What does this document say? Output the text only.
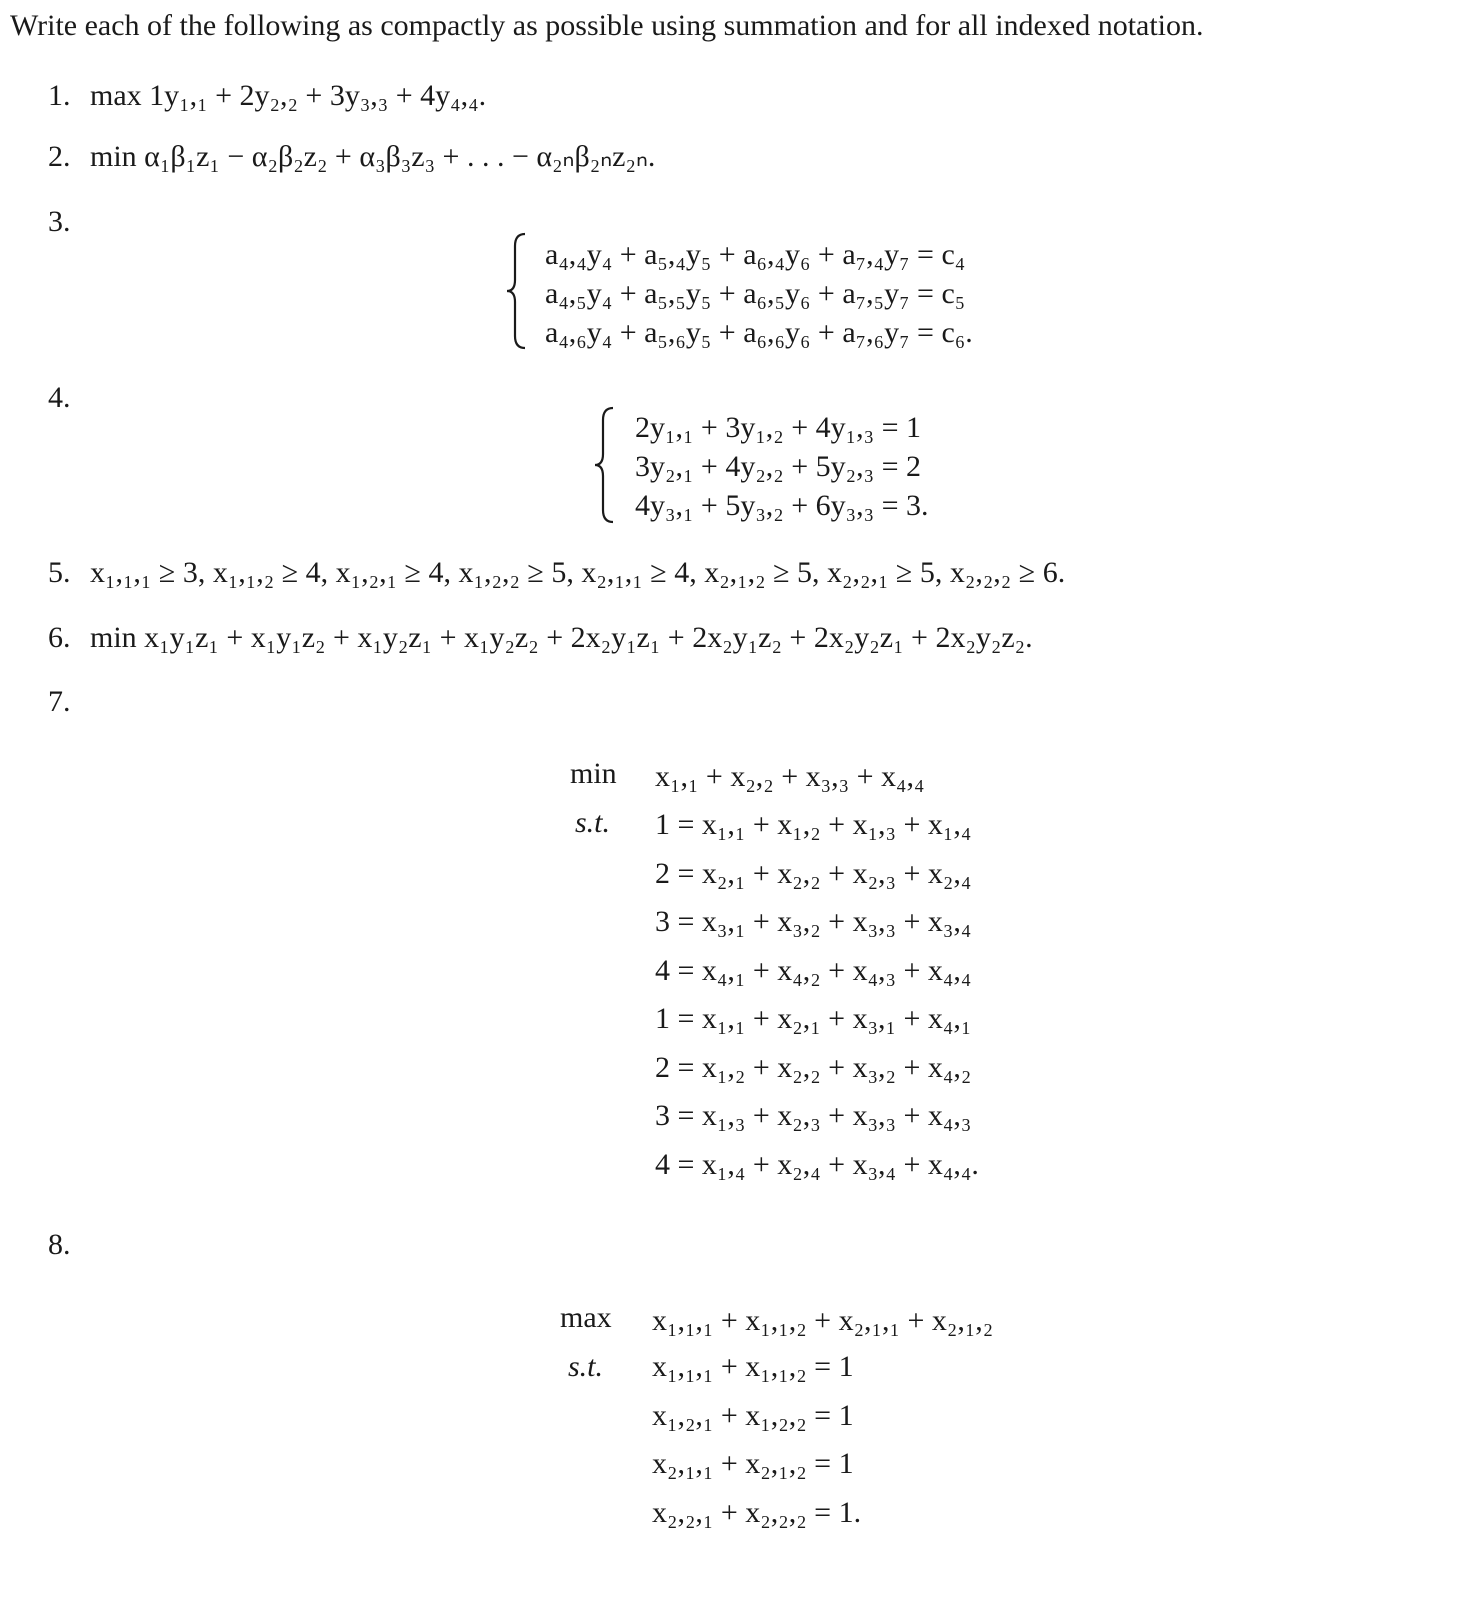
Write each of the following as compactly as possible using summation and for all indexed notation.
1. max 1y₁,₁ + 2y₂,₂ + 3y₃,₃ + 4y₄,₄.
2. min α₁β₁z₁ − α₂β₂z₂ + α₃β₃z₃ + . . . − α₂ₙβ₂ₙz₂ₙ.
3.
a₄,₄y₄ + a₅,₄y₅ + a₆,₄y₆ + a₇,₄y₇ = c₄
a₄,₅y₄ + a₅,₅y₅ + a₆,₅y₆ + a₇,₅y₇ = c₅
a₄,₆y₄ + a₅,₆y₅ + a₆,₆y₆ + a₇,₆y₇ = c₆.
4.
2y₁,₁ + 3y₁,₂ + 4y₁,₃ = 1
3y₂,₁ + 4y₂,₂ + 5y₂,₃ = 2
4y₃,₁ + 5y₃,₂ + 6y₃,₃ = 3.
5. x₁,₁,₁ ≥ 3, x₁,₁,₂ ≥ 4, x₁,₂,₁ ≥ 4, x₁,₂,₂ ≥ 5, x₂,₁,₁ ≥ 4, x₂,₁,₂ ≥ 5, x₂,₂,₁ ≥ 5, x₂,₂,₂ ≥ 6.
6. min x₁y₁z₁ + x₁y₁z₂ + x₁y₂z₁ + x₁y₂z₂ + 2x₂y₁z₁ + 2x₂y₁z₂ + 2x₂y₂z₁ + 2x₂y₂z₂.
7.
min x₁,₁ + x₂,₂ + x₃,₃ + x₄,₄
s.t. 1 = x₁,₁ + x₁,₂ + x₁,₃ + x₁,₄
2 = x₂,₁ + x₂,₂ + x₂,₃ + x₂,₄
3 = x₃,₁ + x₃,₂ + x₃,₃ + x₃,₄
4 = x₄,₁ + x₄,₂ + x₄,₃ + x₄,₄
1 = x₁,₁ + x₂,₁ + x₃,₁ + x₄,₁
2 = x₁,₂ + x₂,₂ + x₃,₂ + x₄,₂
3 = x₁,₃ + x₂,₃ + x₃,₃ + x₄,₃
4 = x₁,₄ + x₂,₄ + x₃,₄ + x₄,₄.
8.
max x₁,₁,₁ + x₁,₁,₂ + x₂,₁,₁ + x₂,₁,₂
s.t. x₁,₁,₁ + x₁,₁,₂ = 1
x₁,₂,₁ + x₁,₂,₂ = 1
x₂,₁,₁ + x₂,₁,₂ = 1
x₂,₂,₁ + x₂,₂,₂ = 1.
